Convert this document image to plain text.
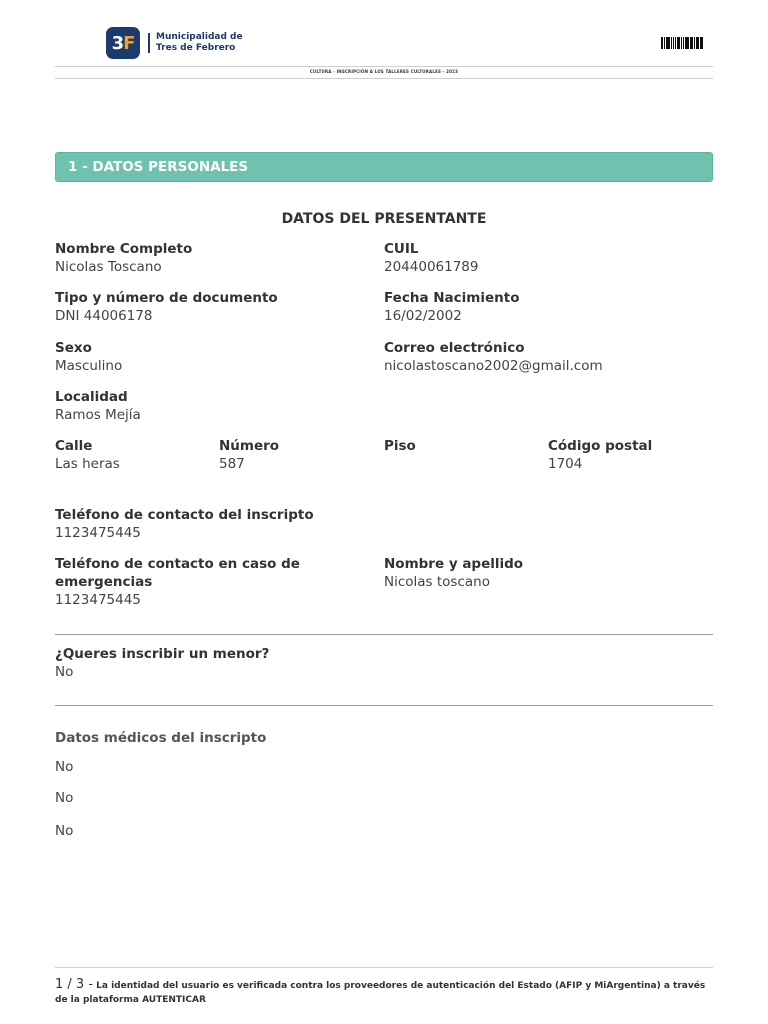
3 F Municipalidad de
Tres de Febrero
CULTURA - INSCRIPCIÓN A LOS TALLERES CULTURALES - 2023
1 - DATOS PERSONALES
DATOS DEL PRESENTANTE
Nombre Completo
Nicolas Toscano
CUIL
20440061789
Tipo y número de documento
DNI 44006178
Fecha Nacimiento
16/02/2002
Sexo
Masculino
Correo electrónico
nicolastoscano2002@gmail.com
Localidad
Ramos Mejía
Calle
Las heras
Número
587
Piso	Código postal
1704
Teléfono de contacto del inscripto
1123475445
Teléfono de contacto en caso de
emergencias
1123475445
Nombre y apellido
Nicolas toscano
¿Queres inscribir un menor?
No
Datos médicos del inscripto
No
No
No
1 / 3 - La identidad del usuario es verificada contra los proveedores de autenticación del Estado (AFIP y MiArgentina) a través de la plataforma AUTENTICAR
